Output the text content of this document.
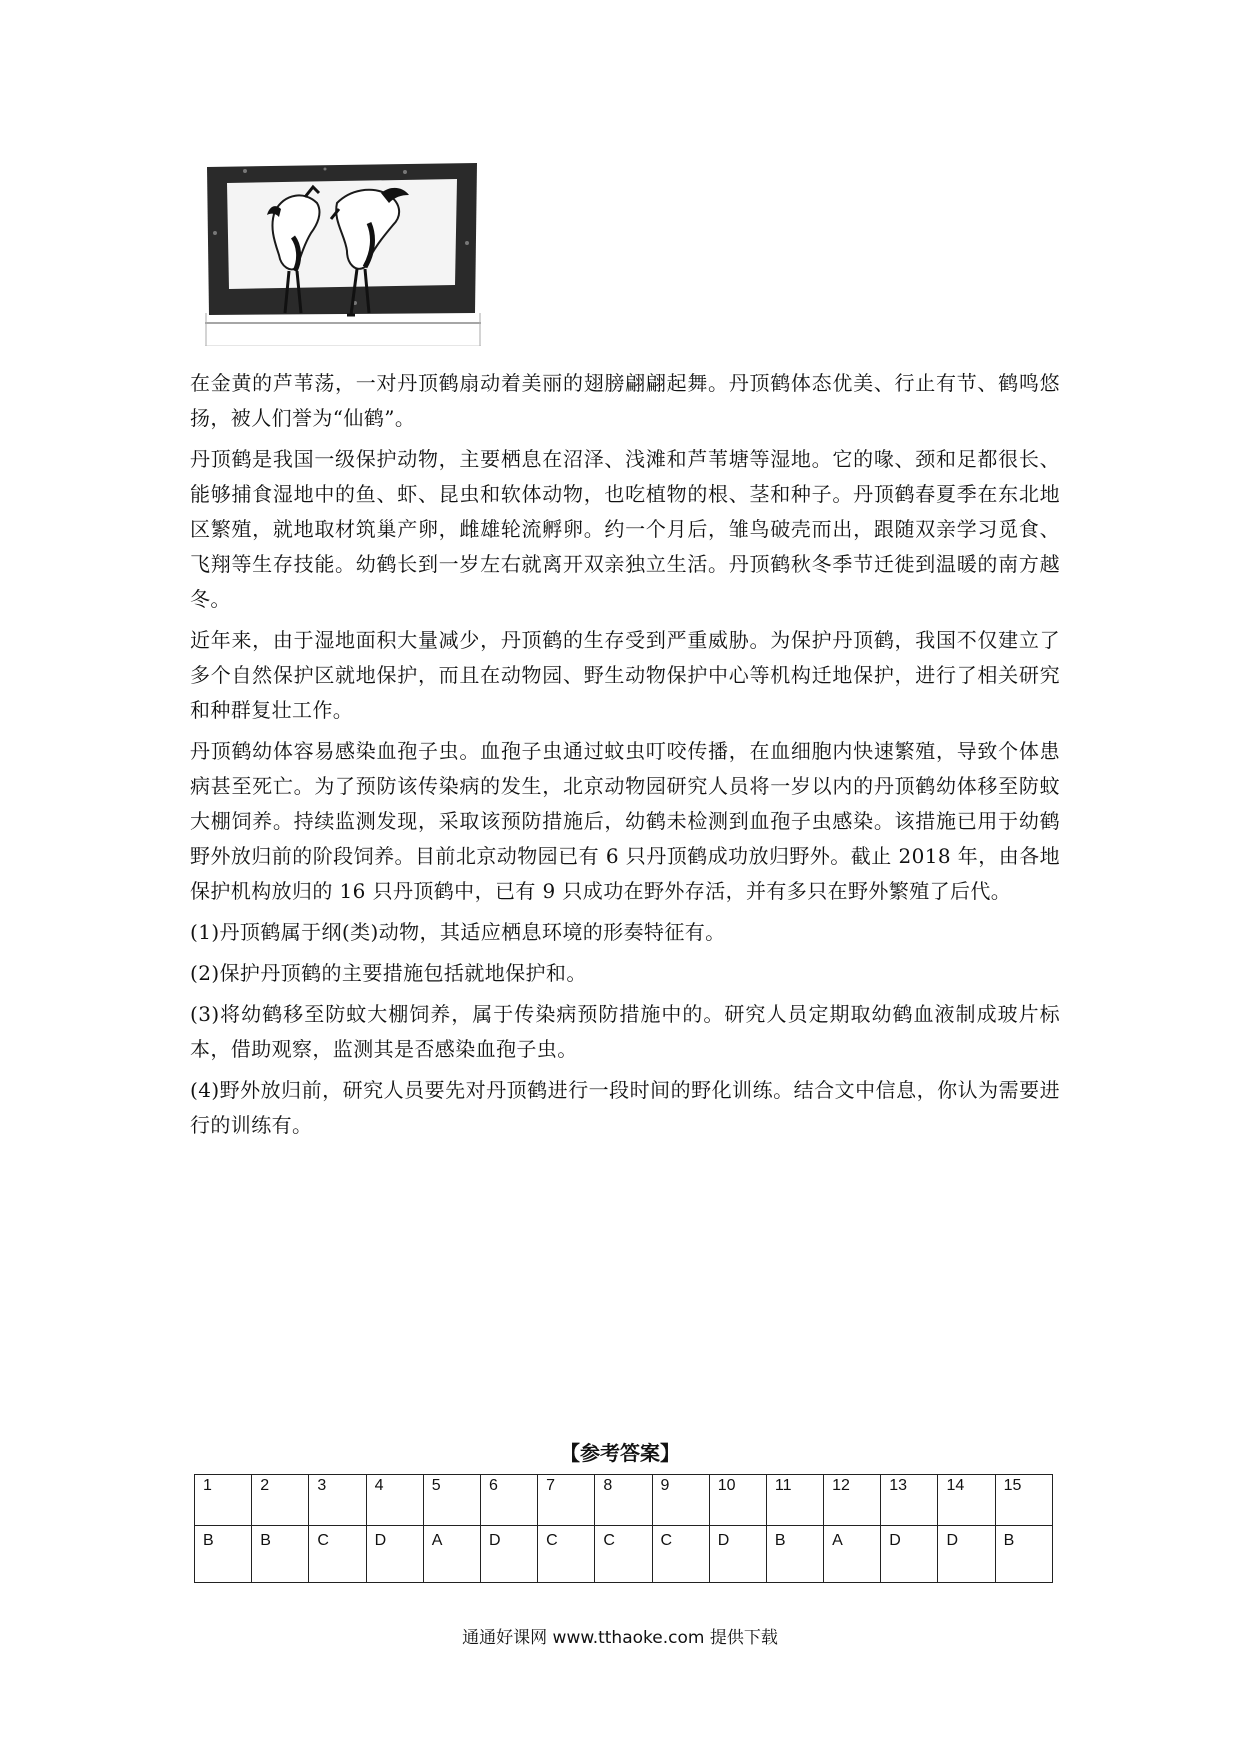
在金黄的芦苇荡，一对丹顶鹤扇动着美丽的翅膀翩翩起舞。丹顶鹤体态优美、行止有节、鹤鸣悠扬，被人们誉为“仙鹤”。

丹顶鹤是我国一级保护动物，主要栖息在沼泽、浅滩和芦苇塘等湿地。它的喙、颈和足都很长、能够捕食湿地中的鱼、虾、昆虫和软体动物，也吃植物的根、茎和种子。丹顶鹤春夏季在东北地区繁殖，就地取材筑巢产卵，雌雄轮流孵卵。约一个月后，雏鸟破壳而出，跟随双亲学习觅食、飞翔等生存技能。幼鹤长到一岁左右就离开双亲独立生活。丹顶鹤秋冬季节迁徙到温暖的南方越冬。

近年来，由于湿地面积大量减少，丹顶鹤的生存受到严重威胁。为保护丹顶鹤，我国不仅建立了多个自然保护区就地保护，而且在动物园、野生动物保护中心等机构迁地保护，进行了相关研究和种群复壮工作。

丹顶鹤幼体容易感染血孢子虫。血孢子虫通过蚊虫叮咬传播，在血细胞内快速繁殖，导致个体患病甚至死亡。为了预防该传染病的发生，北京动物园研究人员将一岁以内的丹顶鹤幼体移至防蚊大棚饲养。持续监测发现，采取该预防措施后，幼鹤未检测到血孢子虫感染。该措施已用于幼鹤野外放归前的阶段饲养。目前北京动物园已有 6 只丹顶鹤成功放归野外。截止 2018 年，由各地保护机构放归的 16 只丹顶鹤中，已有 9 只成功在野外存活，并有多只在野外繁殖了后代。

(1)丹顶鹤属于纲(类)动物，其适应栖息环境的形奏特征有。

(2)保护丹顶鹤的主要措施包括就地保护和。

(3)将幼鹤移至防蚊大棚饲养，属于传染病预防措施中的。研究人员定期取幼鹤血液制成玻片标本，借助观察，监测其是否感染血孢子虫。

(4)野外放归前，研究人员要先对丹顶鹤进行一段时间的野化训练。结合文中信息，你认为需要进行的训练有。

【参考答案】
1	2	3	4	5	6	7	8	9	10	11	12	13	14	15
B	B	C	D	A	D	C	C	C	D	B	A	D	D	B
通通好课网 www.tthaoke.com 提供下载
